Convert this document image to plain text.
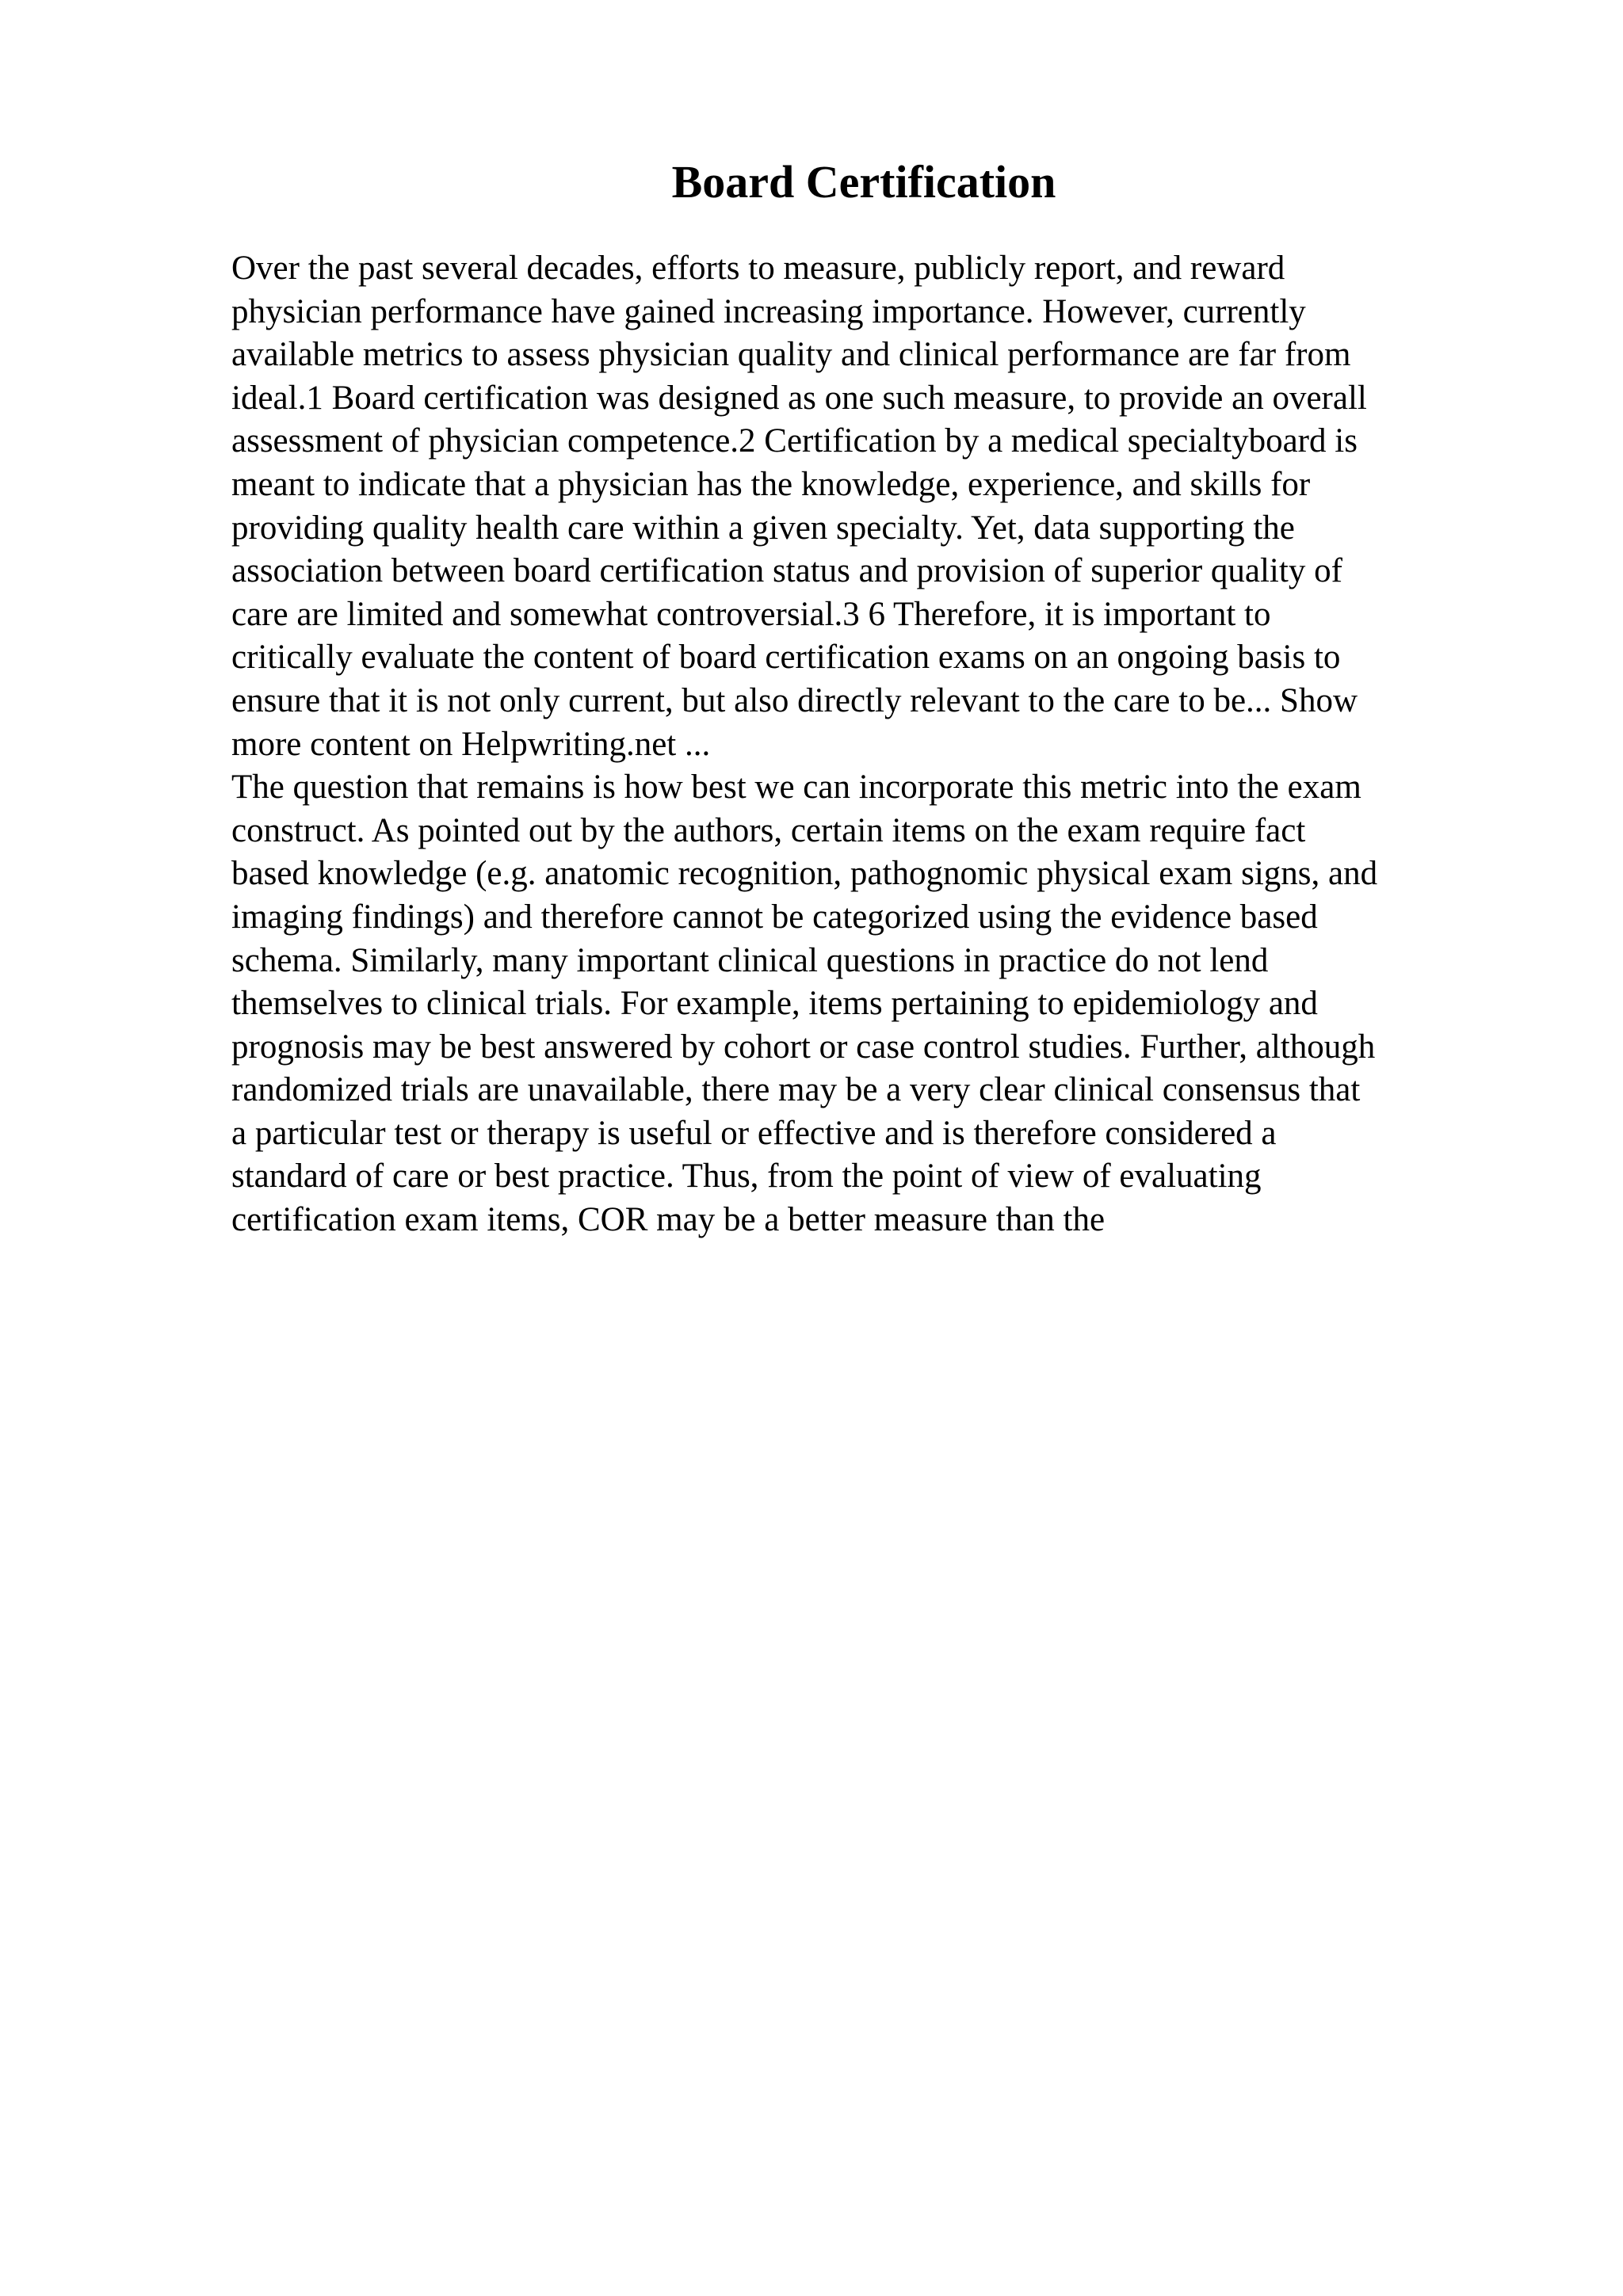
Board Certification
Over the past several decades, efforts to measure, publicly report, and reward
physician performance have gained increasing importance. However, currently
available metrics to assess physician quality and clinical performance are far from
ideal.1 Board certification was designed as one such measure, to provide an overall
assessment of physician competence.2 Certification by a medical specialtyboard is
meant to indicate that a physician has the knowledge, experience, and skills for
providing quality health care within a given specialty. Yet, data supporting the
association between board certification status and provision of superior quality of
care are limited and somewhat controversial.3 6 Therefore, it is important to
critically evaluate the content of board certification exams on an ongoing basis to
ensure that it is not only current, but also directly relevant to the care to be... Show
more content on Helpwriting.net ...
The question that remains is how best we can incorporate this metric into the exam
construct. As pointed out by the authors, certain items on the exam require fact
based knowledge (e.g. anatomic recognition, pathognomic physical exam signs, and
imaging findings) and therefore cannot be categorized using the evidence based
schema. Similarly, many important clinical questions in practice do not lend
themselves to clinical trials. For example, items pertaining to epidemiology and
prognosis may be best answered by cohort or case control studies. Further, although
randomized trials are unavailable, there may be a very clear clinical consensus that
a particular test or therapy is useful or effective and is therefore considered a
standard of care or best practice. Thus, from the point of view of evaluating
certification exam items, COR may be a better measure than the
